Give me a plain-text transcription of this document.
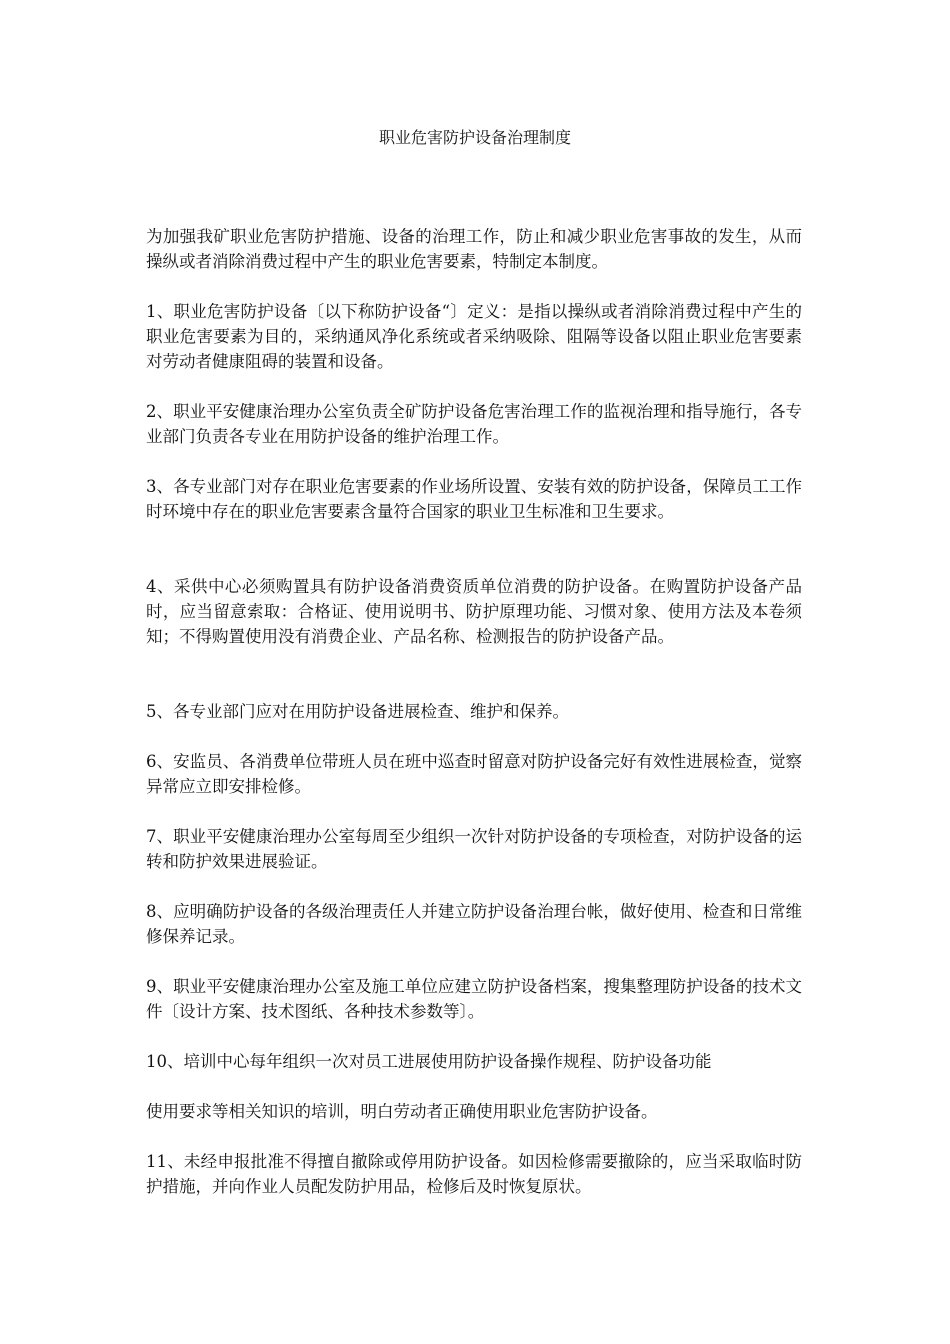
职业危害防护设备治理制度

为加强我矿职业危害防护措施、设备的治理工作，防止和减少职业危害事故的发生，从而操纵或者消除消费过程中产生的职业危害要素，特制定本制度。

1、职业危害防护设备〔以下称防护设备“〕定义：是指以操纵或者消除消费过程中产生的职业危害要素为目的，采纳通风净化系统或者采纳吸除、阻隔等设备以阻止职业危害要素对劳动者健康阻碍的装置和设备。

2、职业平安健康治理办公室负责全矿防护设备危害治理工作的监视治理和指导施行，各专业部门负责各专业在用防护设备的维护治理工作。

3、各专业部门对存在职业危害要素的作业场所设置、安装有效的防护设备，保障员工工作时环境中存在的职业危害要素含量符合国家的职业卫生标准和卫生要求。

4、采供中心必须购置具有防护设备消费资质单位消费的防护设备。在购置防护设备产品时，应当留意索取：合格证、使用说明书、防护原理功能、习惯对象、使用方法及本卷须知；不得购置使用没有消费企业、产品名称、检测报告的防护设备产品。

5、各专业部门应对在用防护设备进展检查、维护和保养。

6、安监员、各消费单位带班人员在班中巡查时留意对防护设备完好有效性进展检查，觉察异常应立即安排检修。

7、职业平安健康治理办公室每周至少组织一次针对防护设备的专项检查，对防护设备的运转和防护效果进展验证。

8、应明确防护设备的各级治理责任人并建立防护设备治理台帐，做好使用、检查和日常维修保养记录。

9、职业平安健康治理办公室及施工单位应建立防护设备档案，搜集整理防护设备的技术文件〔设计方案、技术图纸、各种技术参数等〕。

10、培训中心每年组织一次对员工进展使用防护设备操作规程、防护设备功能

使用要求等相关知识的培训，明白劳动者正确使用职业危害防护设备。

11、未经申报批准不得擅自撤除或停用防护设备。如因检修需要撤除的，应当采取临时防护措施，并向作业人员配发防护用品，检修后及时恢复原状。
